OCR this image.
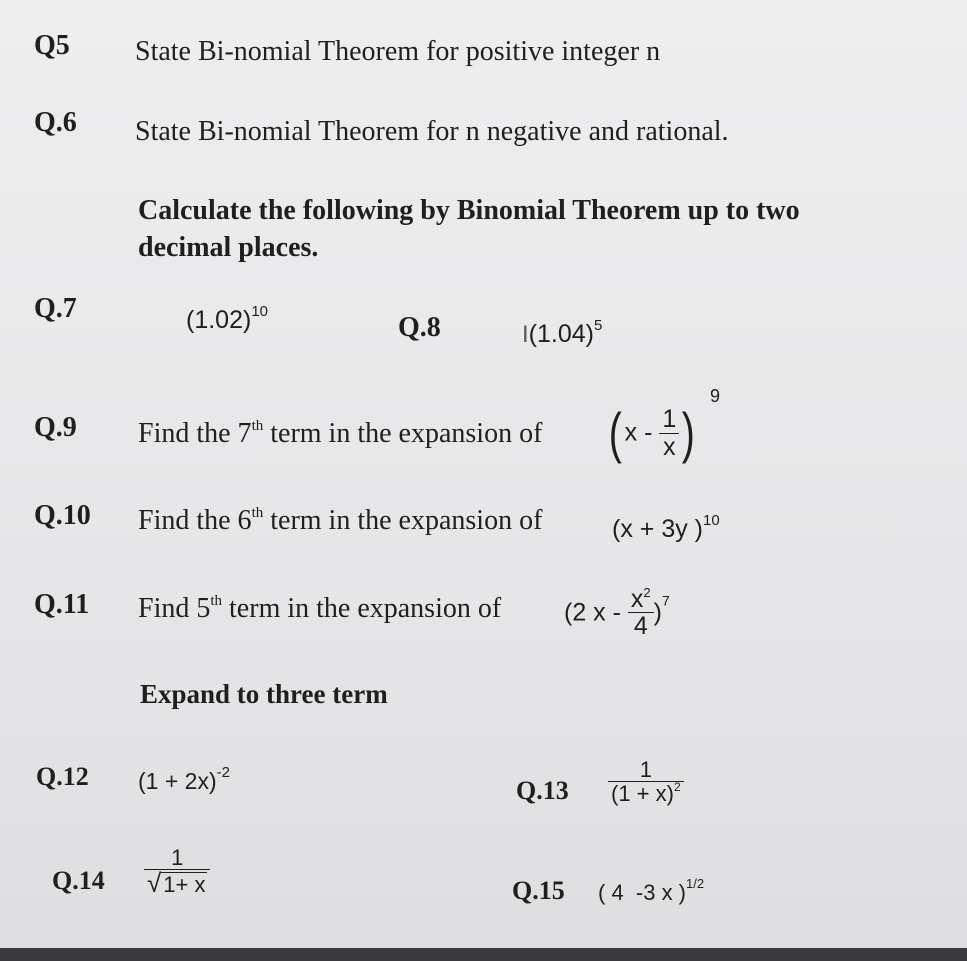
Q5 State Bi-nomial Theorem for positive integer n
Q.6 State Bi-nomial Theorem for n negative and rational.
Calculate the following by Binomial Theorem up to two
decimal places.
Q.7	$(1.02)^{10}$
Q.8	$I(1.04)^5$
Q.9 Find the 7th term in the expansion of ( x - $\frac{1}{x}$ )
9
Q.10 Find the 6th term in the expansion of	(x + 3y )$^{10}$
Q.11 Find 5th term in the expansion of	(2 x - $\frac{x^2}{4} )^7$
Expand to three term
Q.12 $(1 + 2x)^{-2}$
$Q.13 \frac{1}{(1 + x)^2}$
$Q.14 \frac{1}{√1+ x}$	Q.15 ( 4  -3 x )$^{1/2}$
